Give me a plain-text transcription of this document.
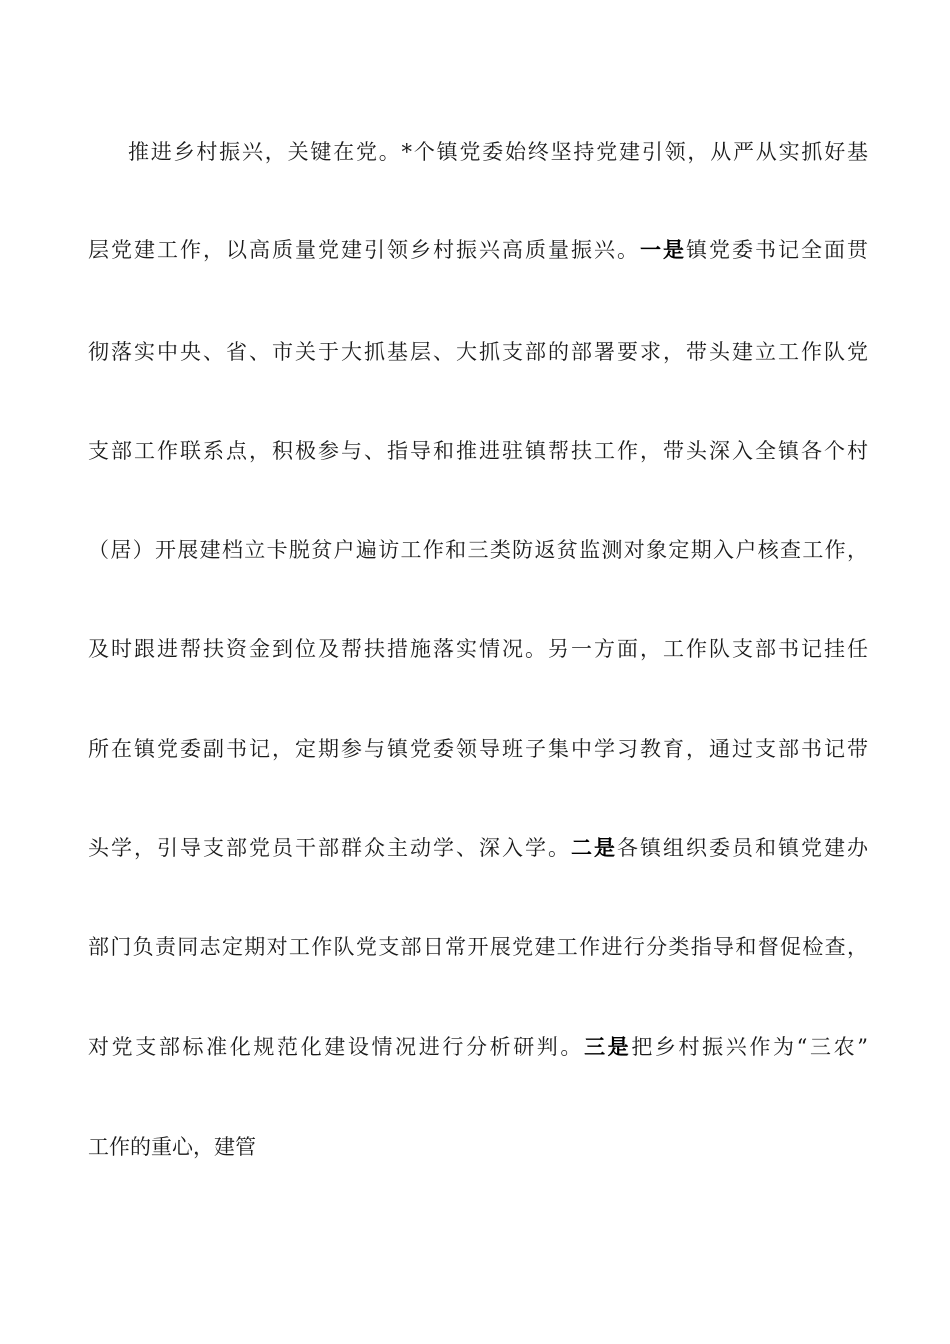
推进乡村振兴，关键在党。*个镇党委始终坚持党建引领，从严从实抓好基
层党建工作，以高质量党建引领乡村振兴高质量振兴。一是镇党委书记全面贯
彻落实中央、省、市关于大抓基层、大抓支部的部署要求，带头建立工作队党
支部工作联系点，积极参与、指导和推进驻镇帮扶工作，带头深入全镇各个村
（居）开展建档立卡脱贫户遍访工作和三类防返贫监测对象定期入户核查工作，
及时跟进帮扶资金到位及帮扶措施落实情况。另一方面，工作队支部书记挂任
所在镇党委副书记，定期参与镇党委领导班子集中学习教育，通过支部书记带
头学，引导支部党员干部群众主动学、深入学。二是各镇组织委员和镇党建办
部门负责同志定期对工作队党支部日常开展党建工作进行分类指导和督促检查，
对党支部标准化规范化建设情况进行分析研判。三是把乡村振兴作为“三农”
工作的重心，建管
